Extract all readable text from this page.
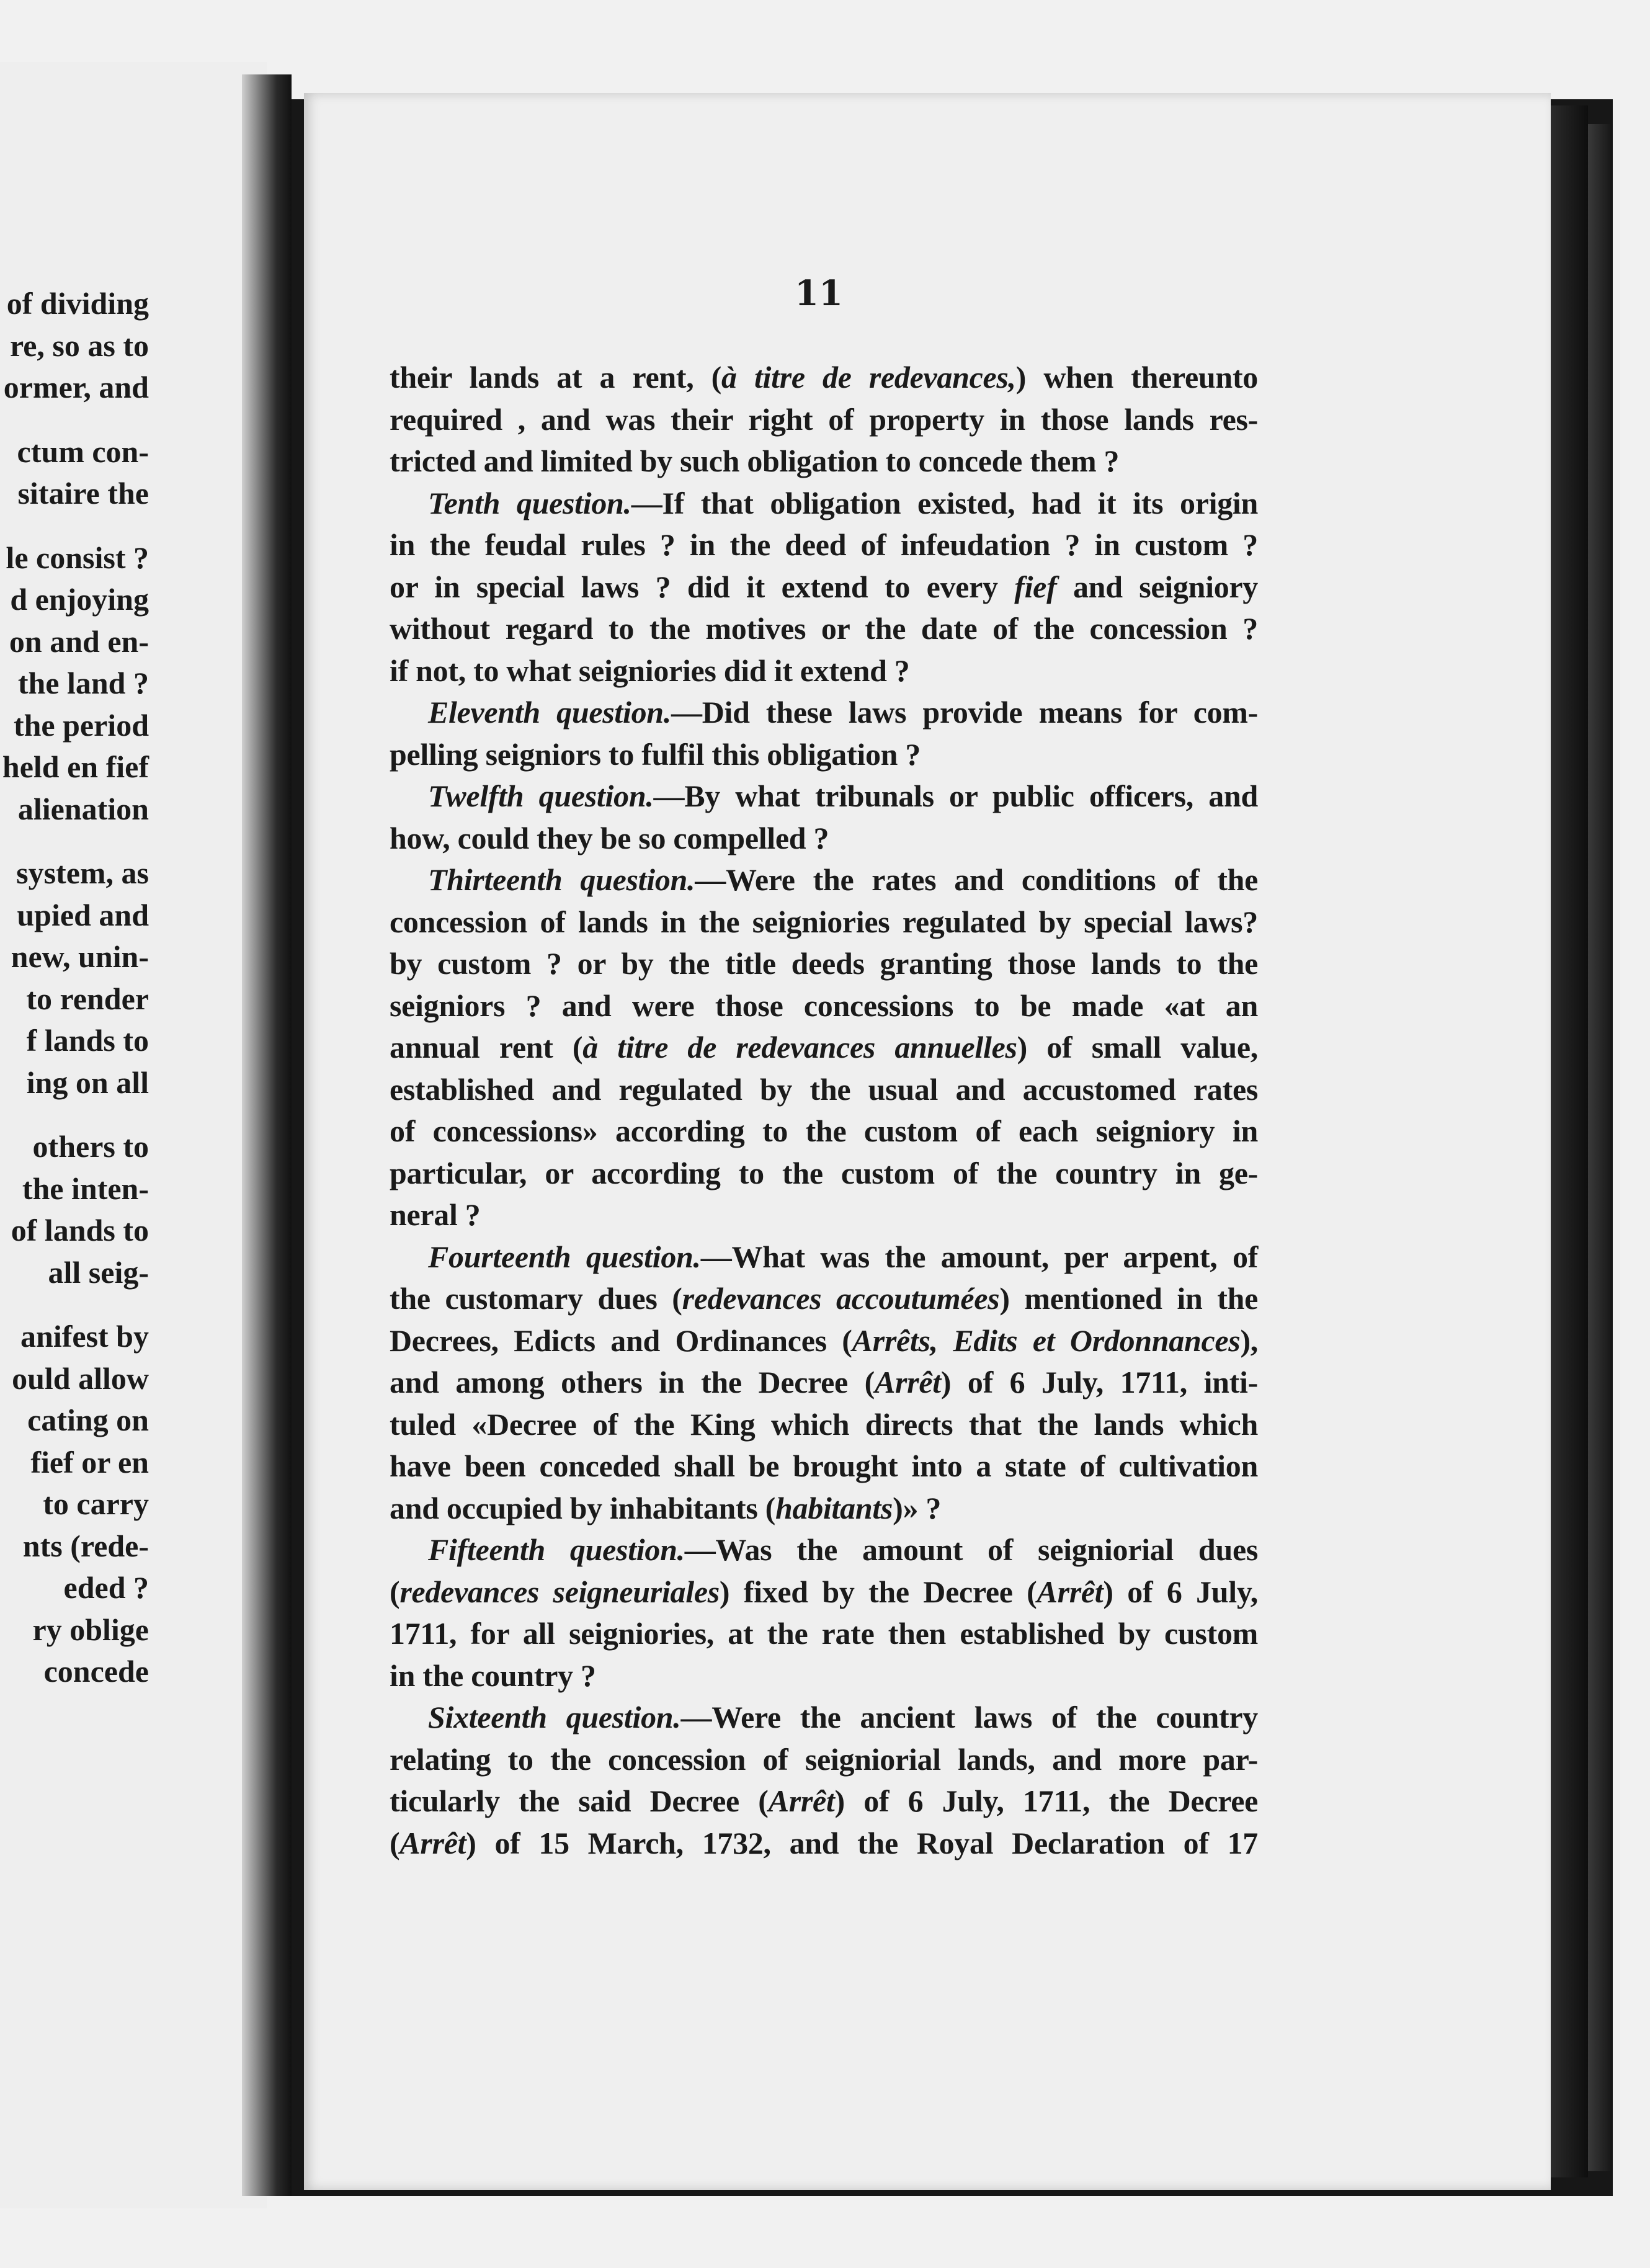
of dividing
re, so as to
ormer, and
ctum con-
sitaire the
le consist ?
d enjoying
on and en-
the land ?
the period
held en fief
alienation
system, as
upied and
new, unin-
to render
f lands to
ing on all
others to
the inten-
of lands to
all seig-
anifest by
ould allow
cating on
fief or en
to carry
nts (rede-
eded ?
ry oblige
concede
11
their lands at a rent, (à titre de redevances,) when thereunto
required , and was their right of property in those lands res-
tricted and limited by such obligation to concede them ?
Tenth question.—If that obligation existed, had it its origin
in the feudal rules ? in the deed of infeudation ? in custom ?
or in special laws ? did it extend to every fief and seigniory
without regard to the motives or the date of the concession ?
if not, to what seigniories did it extend ?
Eleventh question.—Did these laws provide means for com-
pelling seigniors to fulfil this obligation ?
Twelfth question.—By what tribunals or public officers, and
how, could they be so compelled ?
Thirteenth question.—Were the rates and conditions of the
concession of lands in the seigniories regulated by special laws?
by custom ? or by the title deeds granting those lands to the
seigniors ? and were those concessions to be made «at an
annual rent (à titre de redevances annuelles) of small value,
established and regulated by the usual and accustomed rates
of concessions» according to the custom of each seigniory in
particular, or according to the custom of the country in ge-
neral ?
Fourteenth question.—What was the amount, per arpent, of
the customary dues (redevances accoutumées) mentioned in the
Decrees, Edicts and Ordinances (Arrêts, Edits et Ordonnances),
and among others in the Decree (Arrêt) of 6 July, 1711, inti-
tuled «Decree of the King which directs that the lands which
have been conceded shall be brought into a state of cultivation
and occupied by inhabitants (habitants)» ?
Fifteenth question.—Was the amount of seigniorial dues
(redevances seigneuriales) fixed by the Decree (Arrêt) of 6 July,
1711, for all seigniories, at the rate then established by custom
in the country ?
Sixteenth question.—Were the ancient laws of the country
relating to the concession of seigniorial lands, and more par-
ticularly the said Decree (Arrêt) of 6 July, 1711, the Decree
(Arrêt) of 15 March, 1732, and the Royal Declaration of 17
